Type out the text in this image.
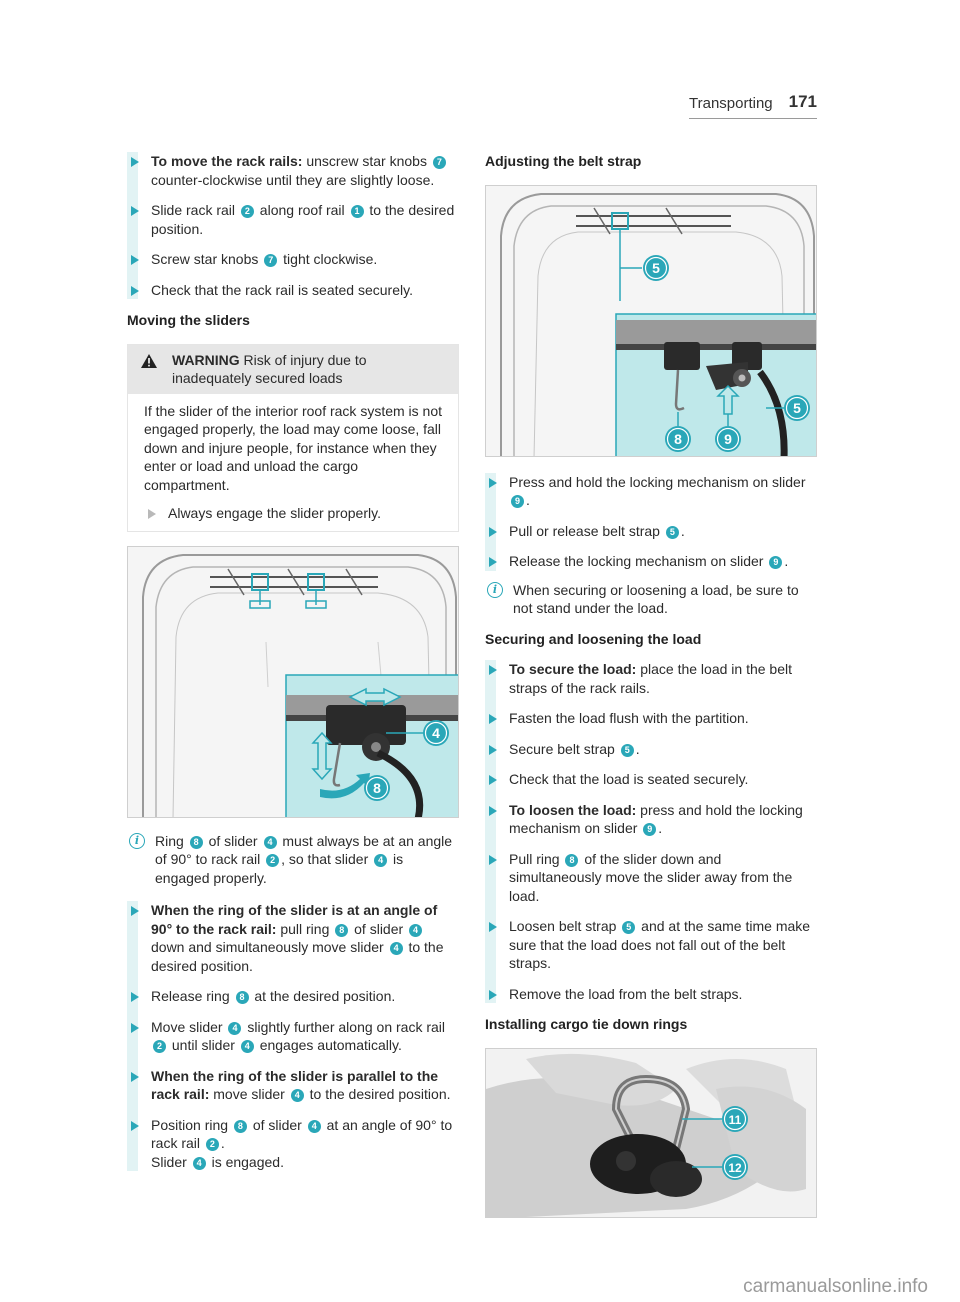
Transporting 171
To move the rack rails: unscrew star knobs 7 counter-clockwise until they are slightly loose.
Slide rack rail 2 along roof rail 1 to the desired position.
Screw star knobs 7 tight clockwise.
Check that the rack rail is seated securely.
Moving the sliders
WARNING Risk of injury due to inadequately secured loads
If the slider of the interior roof rack system is not engaged properly, the load may come loose, fall down and injure people, for instance when they enter or load and unload the cargo compartment.
Always engage the slider properly.
4
8
i	Ring 8 of slider 4 must always be at an angle of 90° to rack rail 2 , so that slider 4 is engaged properly.
When the ring of the slider is at an angle of 90° to the rack rail: pull ring 8 of slider 4 down and simultaneously move slider 4 to the desired position.
Release ring 8 at the desired position.
Move slider 4 slightly further along on rack rail 2 until slider 4 engages automatically.
When the ring of the slider is parallel to the rack rail: move slider 4 to the desired position.
Position ring 8 of slider 4 at an angle of 90° to rack rail 2 .
Slider 4 is engaged.
Adjusting the belt strap
5
8	9
5
Press and hold the locking mechanism on slider 9 .
Pull or release belt strap 5 .
Release the locking mechanism on slider 9 .
i	When securing or loosening a load, be sure to not stand under the load.
Securing and loosening the load
To secure the load: place the load in the belt straps of the rack rails.
Fasten the load flush with the partition.
Secure belt strap 5 .
Check that the load is seated securely.
To loosen the load: press and hold the locking mechanism on slider 9 .
Pull ring 8 of the slider down and simultaneously move the slider away from the load.
Loosen belt strap 5 and at the same time make sure that the load does not fall out of the belt straps.
Remove the load from the belt straps.
Installing cargo tie down rings
11
12
carmanualsonline.info
